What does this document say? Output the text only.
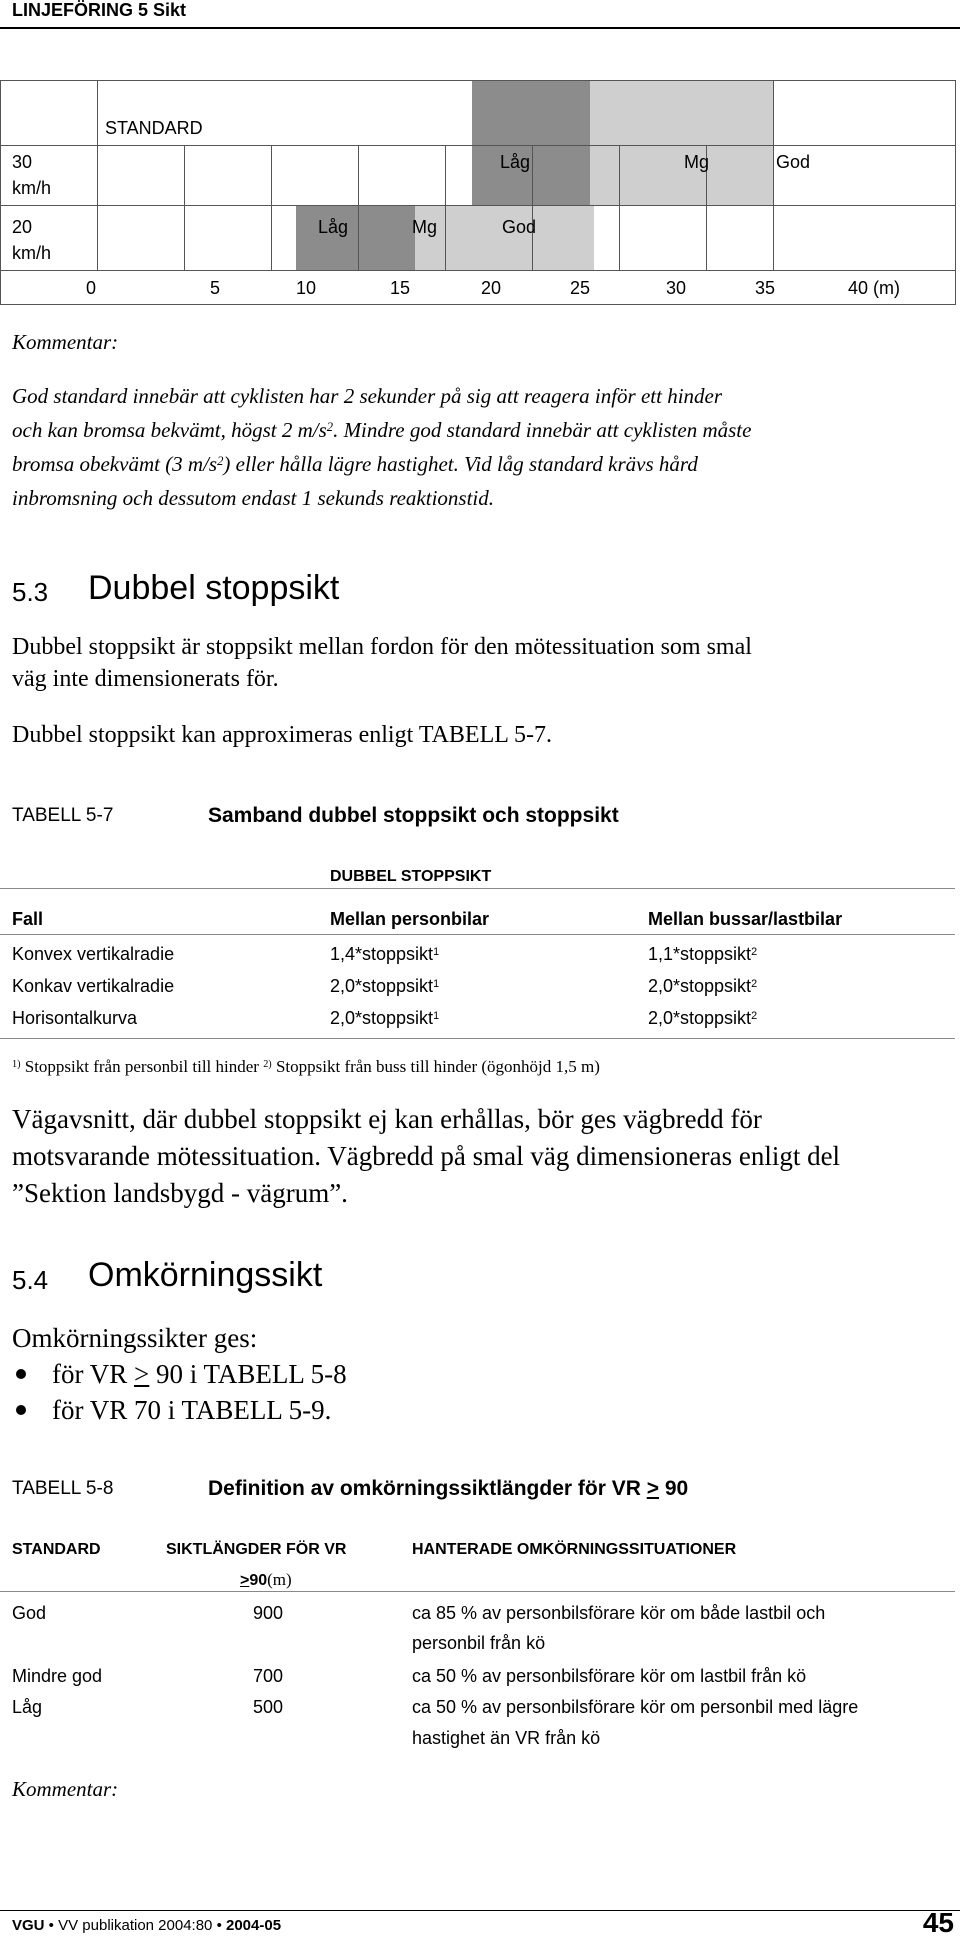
LINJEFÖRING 5 Sikt
STANDARD
30
km/h
Låg	Mg	God
20
km/h
Låg	Mg	God
0	5	10	15	20	25	30	35	40 (m)
Kommentar:
God standard innebär att cyklisten har 2 sekunder på sig att reagera inför ett hinder
och kan bromsa bekvämt, högst 2 $m/s^2$. Mindre god standard innebär att cyklisten måste
bromsa obekvämt (3 $m/s^2$) eller hålla lägre hastighet. Vid låg standard krävs hård
inbromsning och dessutom endast 1 sekunds reaktionstid.
5.3 Dubbel stoppsikt
Dubbel stoppsikt är stoppsikt mellan fordon för den mötessituation som smal
väg inte dimensionerats för.
Dubbel stoppsikt kan approximeras enligt TABELL 5-7.
TABELL 5-7	Samband dubbel stoppsikt och stoppsikt
DUBBEL STOPPSIKT
Fall	Mellan personbilar	Mellan bussar/lastbilar
Konvex vertikalradie	1,4*stoppsikt$^1$	1,1*stoppsikt$^2$
Konkav vertikalradie	2,0*stoppsikt$^1$	2,0*stoppsikt$^2$
Horisontalkurva	2,0*stoppsikt$^1$	2,0*stoppsikt$^2$
$^{1)}$ Stoppsikt från personbil till hinder $^{2)}$ Stoppsikt från buss till hinder (ögonhöjd 1,5 m)
Vägavsnitt, där dubbel stoppsikt ej kan erhållas, bör ges vägbredd för
motsvarande mötessituation. Vägbredd på smal väg dimensioneras enligt del
”Sektion landsbygd - vägrum”.
5.4 Omkörningssikt
Omkörningssikter ges:
för VR > 90 i TABELL 5-8
för VR 70 i TABELL 5-9.
TABELL 5-8	Definition av omkörningssiktlängder för VR > 90
STANDARD	SIKTLÄNGDER FÖR VR
>90(m)
HANTERADE OMKÖRNINGSSITUATIONER
God	900	ca 85 % av personbilsförare kör om både lastbil och
personbil från kö
Mindre god	700	ca 50 % av personbilsförare kör om lastbil från kö
Låg	500	ca 50 % av personbilsförare kör om personbil med lägre
hastighet än VR från kö
Kommentar:
VGU • VV publikation 2004:80 • 2004-05	45
